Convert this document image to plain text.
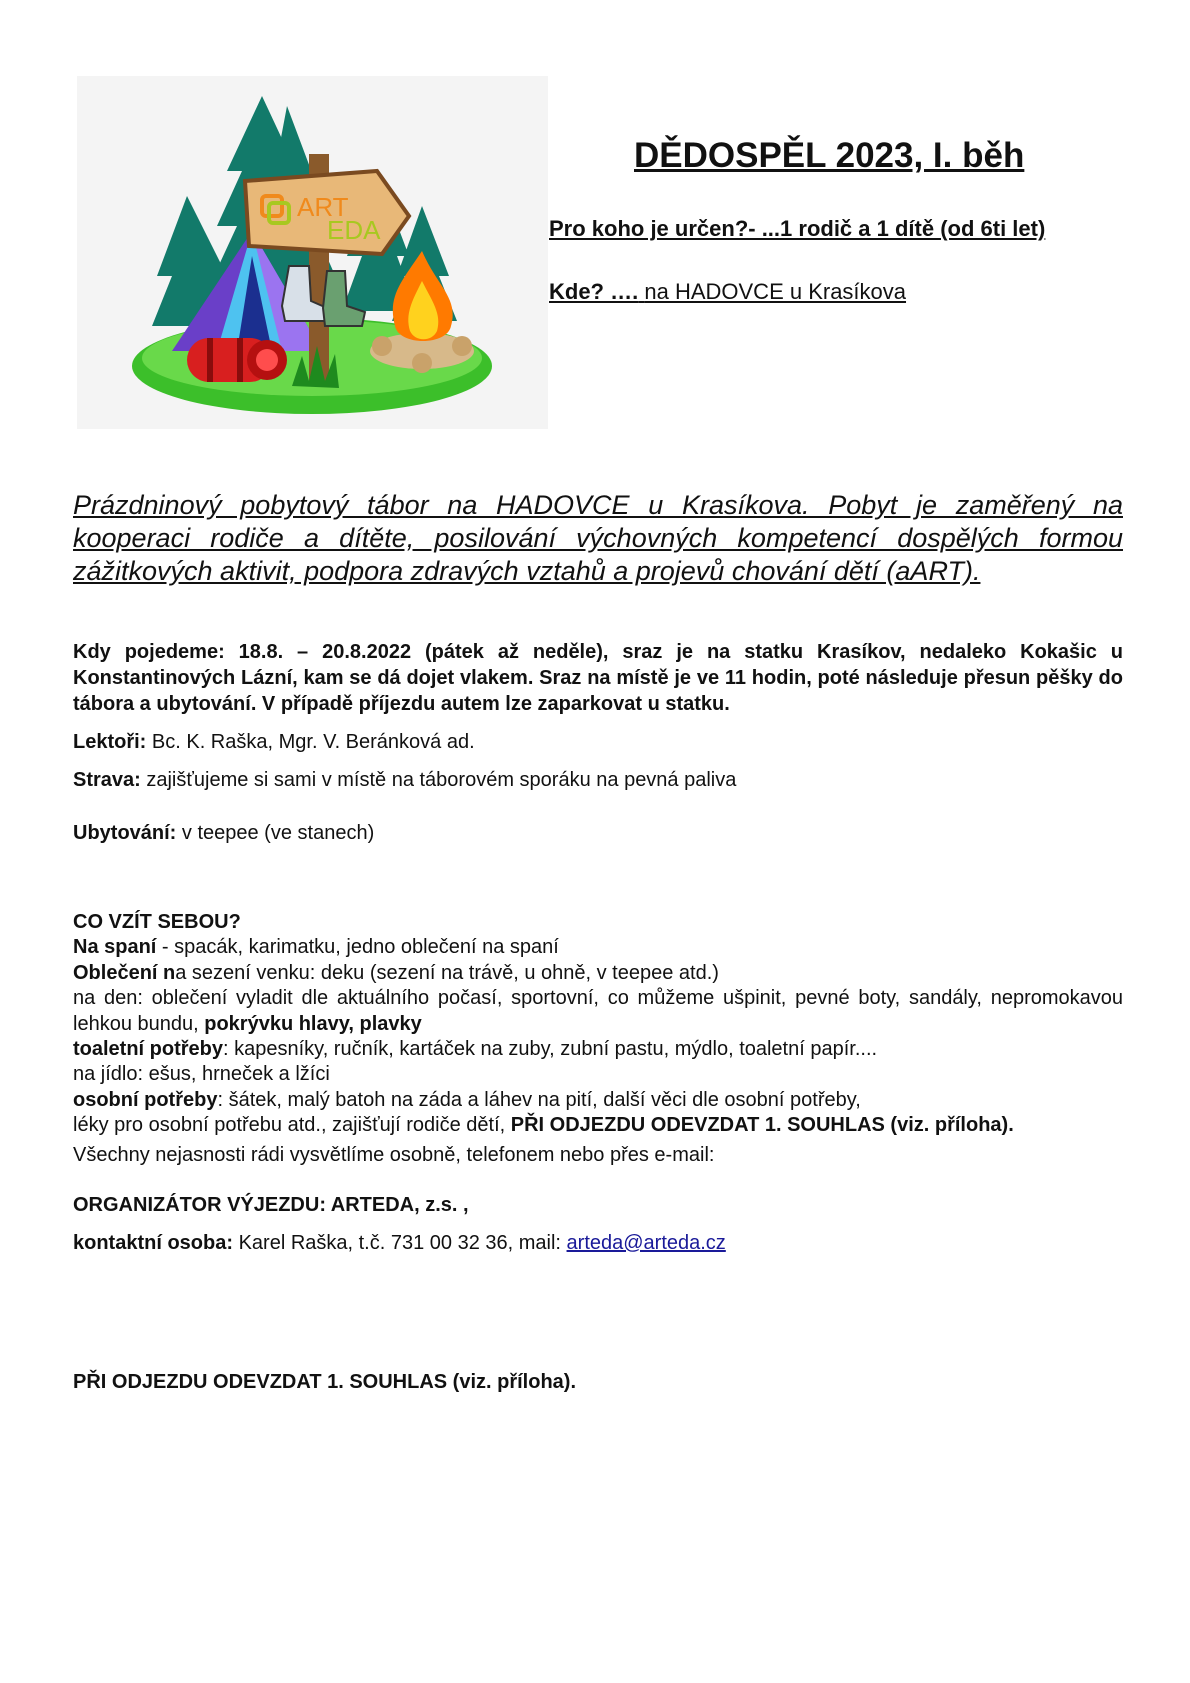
ART
EDA
DĚDOSPĚL 2023, I. běh
Pro koho je určen?- ...1 rodič a 1 dítě (od 6ti let)
Kde? …. na HADOVCE u Krasíkova

Prázdninový pobytový tábor na HADOVCE u Krasíkova. Pobyt je zaměřený na kooperaci rodiče a dítěte, posilování výchovných kompetencí dospělých formou zážitkových aktivit, podpora zdravých vztahů a projevů chování dětí (aART).

Kdy pojedeme: 18.8. – 20.8.2022 (pátek až neděle), sraz je na statku Krasíkov, nedaleko Kokašic u Konstantinových Lázní, kam se dá dojet vlakem. Sraz na místě je ve 11 hodin, poté následuje přesun pěšky do tábora a ubytování. V případě příjezdu autem lze zaparkovat u statku.

Lektoři: Bc. K. Raška, Mgr. V. Beránková ad.

Strava: zajišťujeme si sami v místě na táborovém sporáku na pevná paliva

Ubytování: v teepee (ve stanech)

CO VZÍT SEBOU?
Na spaní - spacák, karimatku, jedno oblečení na spaní
Oblečení na sezení venku: deku (sezení na trávě, u ohně, v teepee atd.)
na den: oblečení vyladit dle aktuálního počasí, sportovní, co můžeme ušpinit, pevné boty, sandály, nepromokavou lehkou bundu, pokrývku hlavy, plavky
toaletní potřeby: kapesníky, ručník, kartáček na zuby, zubní pastu, mýdlo, toaletní papír....
na jídlo: ešus, hrneček a lžíci
osobní potřeby: šátek, malý batoh na záda a láhev na pití, další věci dle osobní potřeby,
léky pro osobní potřebu atd., zajišťují rodiče dětí, PŘI ODJEZDU ODEVZDAT 1. SOUHLAS (viz. příloha).

Všechny nejasnosti rádi vysvětlíme osobně, telefonem nebo přes e-mail:

ORGANIZÁTOR VÝJEZDU: ARTEDA, z.s. ,

kontaktní osoba: Karel Raška, t.č. 731 00 32 36, mail: arteda@arteda.cz

PŘI ODJEZDU ODEVZDAT 1. SOUHLAS (viz. příloha).
